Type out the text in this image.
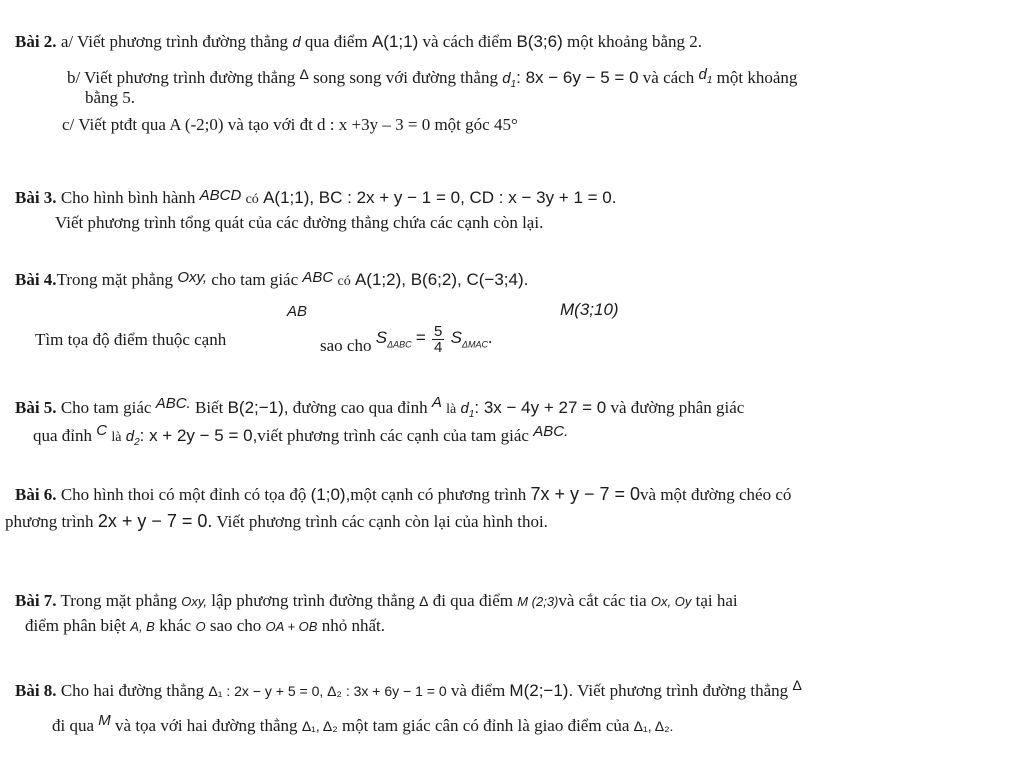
Bài 2. a/ Viết phương trình đường thẳng d qua điểm A(1;1) và cách điểm B(3;6) một khoảng bằng 2.
b/ Viết phương trình đường thẳng $^\Delta$ song song với đường thẳng $d_1$: 8x − 6y − 5 = 0 và cách $d_1$ một khoảng
bằng 5.
c/ Viết ptđt qua A (-2;0) và tạo với đt d : x +3y – 3 = 0 một góc 45°
Bài 3. Cho hình bình hành ABCD có A(1;1), BC : 2x + y − 1 = 0, CD : x − 3y + 1 = 0.
Viết phương trình tổng quát của các đường thẳng chứa các cạnh còn lại.
Bài 4.Trong mặt phẳng Oxy, cho tam giác ABC có A(1;2), B(6;2), C(−3;4).
AB	M(3;10)
Tìm tọa độ điểm thuộc cạnh	sao cho $S_{\Delta ABC} = \frac{5}{4} S_{\Delta MAC}$.
Bài 5. Cho tam giác ABC. Biết B(2;−1), đường cao qua đỉnh A là $d_1$: 3x − 4y + 27 = 0 và đường phân giác
qua đỉnh C là $d_2$: x + 2y − 5 = 0,viết phương trình các cạnh của tam giác ABC.
Bài 6. Cho hình thoi có một đỉnh có tọa độ (1;0),một cạnh có phương trình 7x + y − 7 = 0và một đường chéo có
phương trình 2x + y − 7 = 0. Viết phương trình các cạnh còn lại của hình thoi.
Bài 7. Trong mặt phẳng Oxy, lập phương trình đường thẳng Δ đi qua điểm M (2;3)và cắt các tia Ox, Oy tại hai
điểm phân biệt A, B khác O sao cho OA + OB nhỏ nhất.
Bài 8. Cho hai đường thẳng Δ₁ : 2x − y + 5 = 0, Δ₂ : 3x + 6y − 1 = 0 và điểm M(2;−1). Viết phương trình đường thẳng $^\Delta$
đi qua M và tọa với hai đường thẳng Δ₁, Δ₂ một tam giác cân có đỉnh là giao điểm của Δ₁, Δ₂.
